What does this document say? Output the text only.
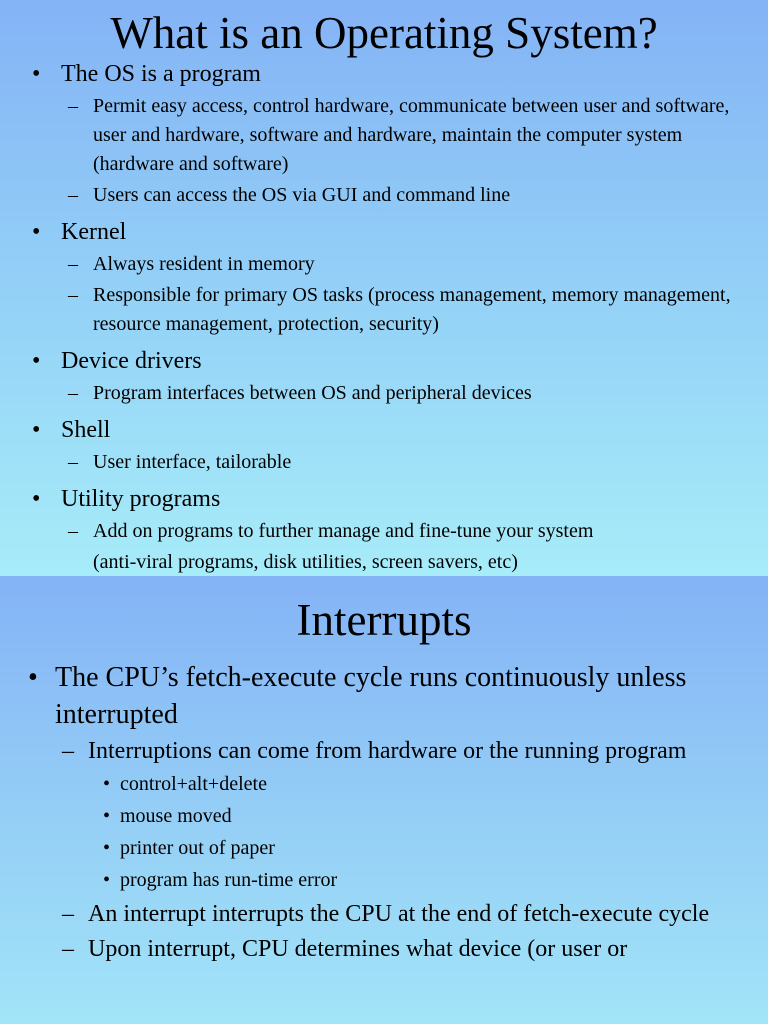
What is an Operating System?
• The OS is a program
– Permit easy access, control hardware, communicate between user and software, user and hardware, software and hardware, maintain the computer system (hardware and software)
– Users can access the OS via GUI and command line
• Kernel
– Always resident in memory
– Responsible for primary OS tasks (process management, memory management, resource management, protection, security)
• Device drivers
– Program interfaces between OS and peripheral devices
• Shell
– User interface, tailorable
• Utility programs
– Add on programs to further manage and fine-tune your system
(anti-viral programs, disk utilities, screen savers, etc)
Interrupts
• The CPU’s fetch-execute cycle runs continuously unless interrupted
– Interruptions can come from hardware or the running program
• control+alt+delete
• mouse moved
• printer out of paper
• program has run-time error
– An interrupt interrupts the CPU at the end of fetch-execute cycle
– Upon interrupt, CPU determines what device (or user or
